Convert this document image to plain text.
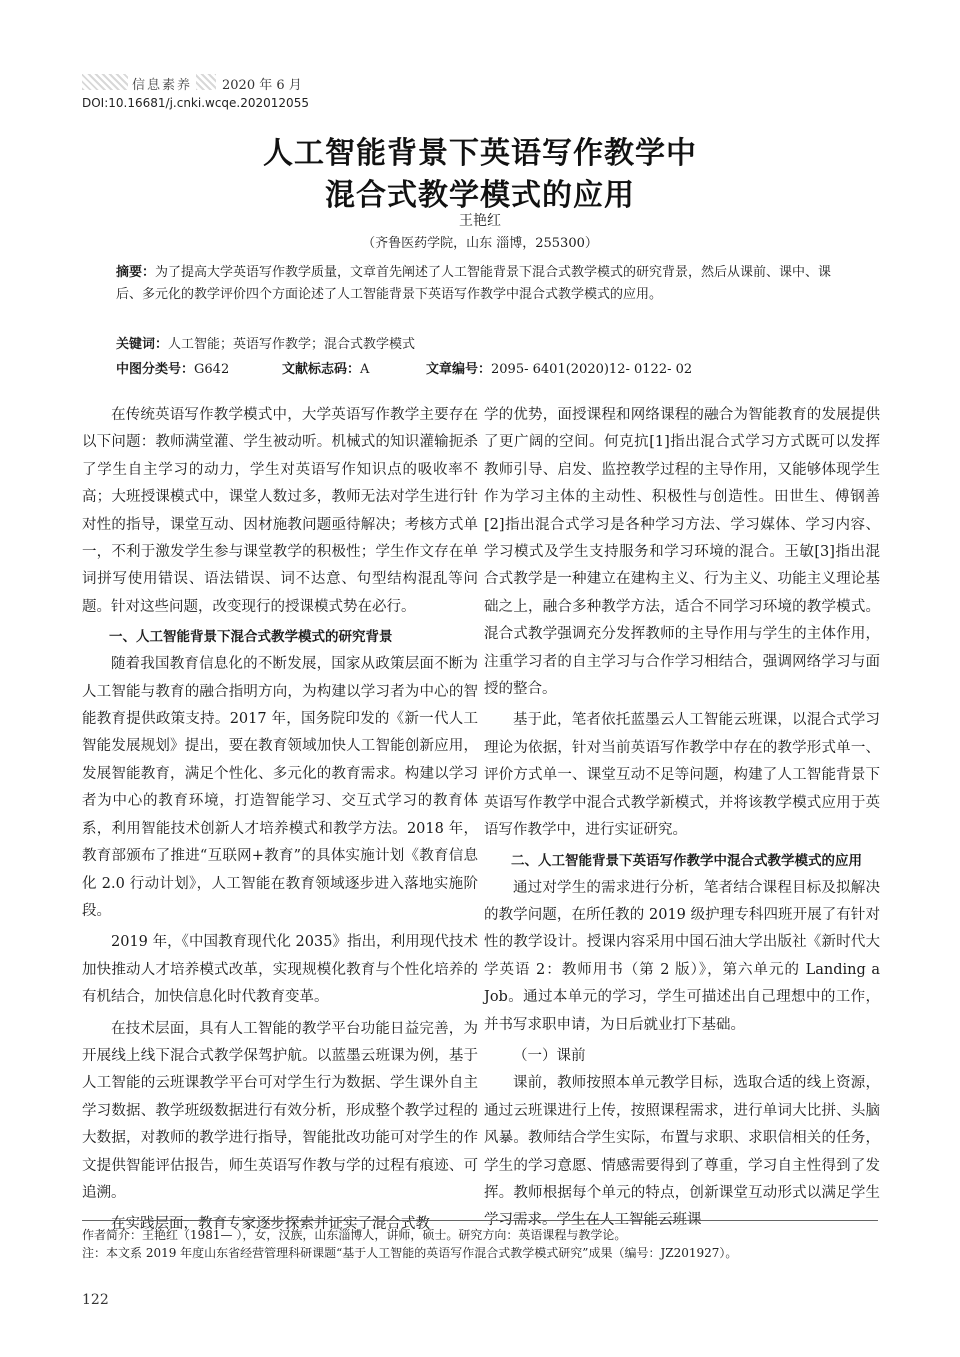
信息素养	2020 年 6 月
DOI:10.16681/j.cnki.wcqe.202012055
人工智能背景下英语写作教学中
混合式教学模式的应用
王艳红
（齐鲁医药学院，山东 淄博，255300）
摘要：为了提高大学英语写作教学质量，文章首先阐述了人工智能背景下混合式教学模式的研究背景，然后从课前、课中、课后、多元化的教学评价四个方面论述了人工智能背景下英语写作教学中混合式教学模式的应用。
关键词：人工智能；英语写作教学；混合式教学模式
中图分类号：G642	文献标志码：A	文章编号：2095- 6401(2020)12- 0122- 02

在传统英语写作教学模式中，大学英语写作教学主要存在以下问题：教师满堂灌、学生被动听。机械式的知识灌输扼杀了学生自主学习的动力，学生对英语写作知识点的吸收率不高；大班授课模式中，课堂人数过多，教师无法对学生进行针对性的指导，课堂互动、因材施教问题亟待解决；考核方式单一，不利于激发学生参与课堂教学的积极性；学生作文存在单词拼写使用错误、语法错误、词不达意、句型结构混乱等问题。针对这些问题，改变现行的授课模式势在必行。

一、人工智能背景下混合式教学模式的研究背景

随着我国教育信息化的不断发展，国家从政策层面不断为人工智能与教育的融合指明方向，为构建以学习者为中心的智能教育提供政策支持。2017 年，国务院印发的《新一代人工智能发展规划》提出，要在教育领域加快人工智能创新应用，发展智能教育，满足个性化、多元化的教育需求。构建以学习者为中心的教育环境，打造智能学习、交互式学习的教育体系，利用智能技术创新人才培养模式和教学方法。2018 年，教育部颁布了推进“互联网+教育”的具体实施计划《教育信息化 2.0 行动计划》，人工智能在教育领域逐步进入落地实施阶段。

2019 年，《中国教育现代化 2035》指出，利用现代技术加快推动人才培养模式改革，实现规模化教育与个性化培养的有机结合，加快信息化时代教育变革。

在技术层面，具有人工智能的教学平台功能日益完善，为开展线上线下混合式教学保驾护航。以蓝墨云班课为例，基于人工智能的云班课教学平台可对学生行为数据、学生课外自主学习数据、教学班级数据进行有效分析，形成整个教学过程的大数据，对教师的教学进行指导，智能批改功能可对学生的作文提供智能评估报告，师生英语写作教与学的过程有痕迹、可追溯。

在实践层面，教育专家逐步探索并证实了混合式教

学的优势，面授课程和网络课程的融合为智能教育的发展提供了更广阔的空间。何克抗[1]指出混合式学习方式既可以发挥教师引导、启发、监控教学过程的主导作用，又能够体现学生作为学习主体的主动性、积极性与创造性。田世生、傅钢善[2]指出混合式学习是各种学习方法、学习媒体、学习内容、学习模式及学生支持服务和学习环境的混合。王敏[3]指出混合式教学是一种建立在建构主义、行为主义、功能主义理论基础之上，融合多种教学方法，适合不同学习环境的教学模式。混合式教学强调充分发挥教师的主导作用与学生的主体作用，注重学习者的自主学习与合作学习相结合，强调网络学习与面授的整合。

基于此，笔者依托蓝墨云人工智能云班课，以混合式学习理论为依据，针对当前英语写作教学中存在的教学形式单一、评价方式单一、课堂互动不足等问题，构建了人工智能背景下英语写作教学中混合式教学新模式，并将该教学模式应用于英语写作教学中，进行实证研究。

二、人工智能背景下英语写作教学中混合式教学模式的应用

通过对学生的需求进行分析，笔者结合课程目标及拟解决的教学问题，在所任教的 2019 级护理专科四班开展了有针对性的教学设计。授课内容采用中国石油大学出版社《新时代大学英语 2：教师用书（第 2 版）》，第六单元的 Landing a Job。通过本单元的学习，学生可描述出自己理想中的工作，并书写求职申请，为日后就业打下基础。

（一）课前

课前，教师按照本单元教学目标，选取合适的线上资源，通过云班课进行上传，按照课程需求，进行单词大比拼、头脑风暴。教师结合学生实际，布置与求职、求职信相关的任务，学生的学习意愿、情感需要得到了尊重，学习自主性得到了发挥。教师根据每个单元的特点，创新课堂互动形式以满足学生学习需求。学生在人工智能云班课

作者简介：王艳红（1981— ），女，汉族，山东淄博人，讲师，硕士。研究方向：英语课程与教学论。
注：本文系 2019 年度山东省经营管理科研课题“基于人工智能的英语写作混合式教学模式研究”成果（编号：JZ201927）。
122
